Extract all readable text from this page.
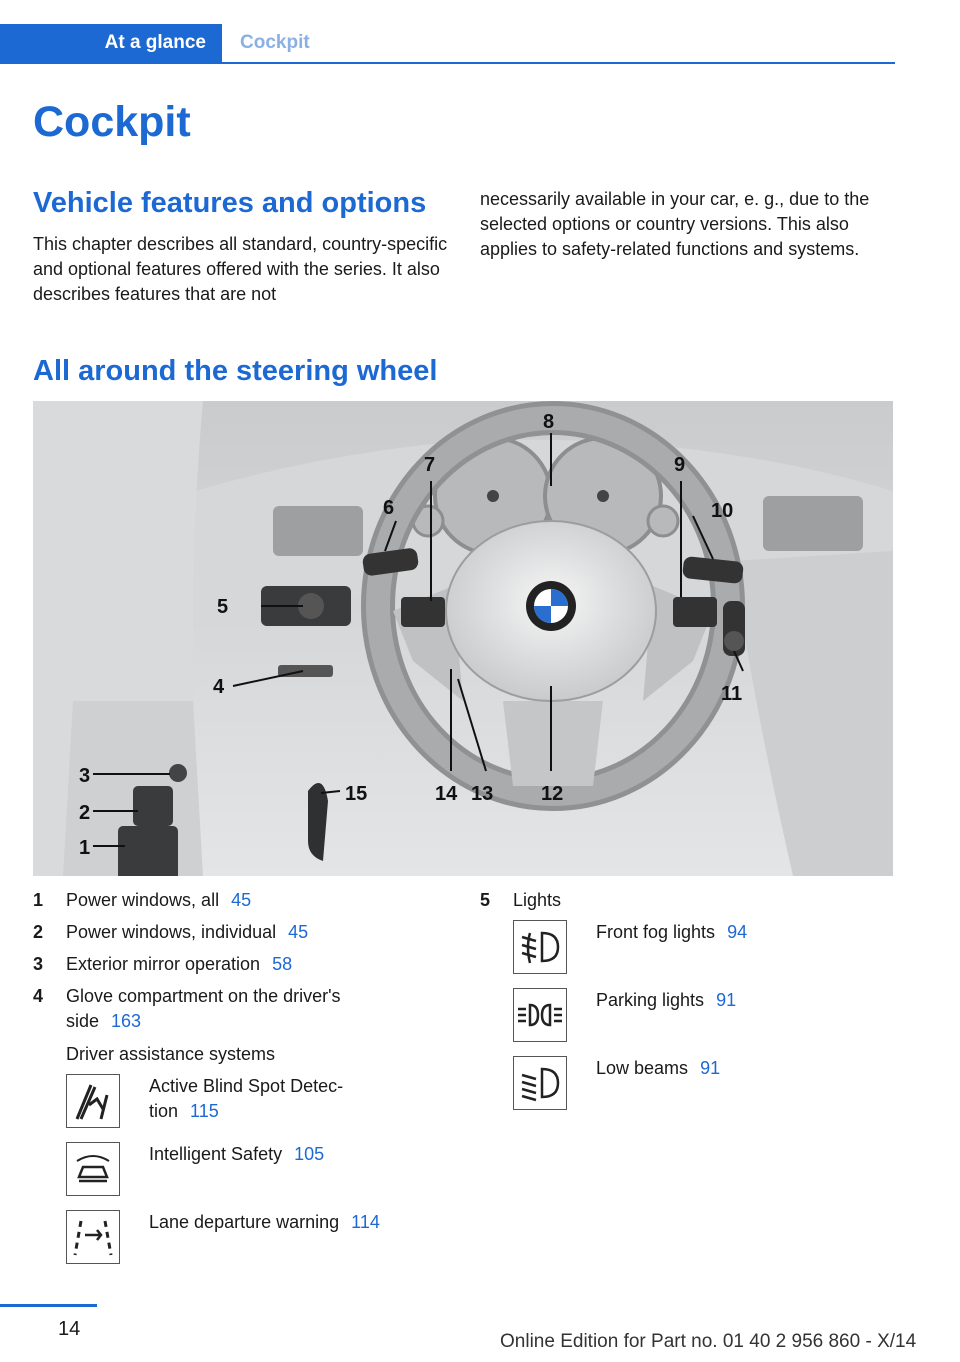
At a glance	Cockpit
Cockpit
Vehicle features and options

This chapter describes all standard, country-specific and optional features offered with the series. It also describes features that are not

necessarily available in your car, e. g., due to the selected options or country versions. This also applies to safety-related functions and systems.

All around the steering wheel
8
7	9
6	10
5
4	11
12
13
14
15
3
2
1
1 Power windows, all 45
2 Power windows, individual 45
3 Exterior mirror operation 58
4 Glove compartment on the driver's
side 163
Driver assistance systems
Active Blind Spot Detec-
tion 115
Intelligent Safety 105
Lane departure warning 114
5 Lights
Front fog lights 94
Parking lights 91
Low beams 91
14
Online Edition for Part no. 01 40 2 956 860 - X/14
